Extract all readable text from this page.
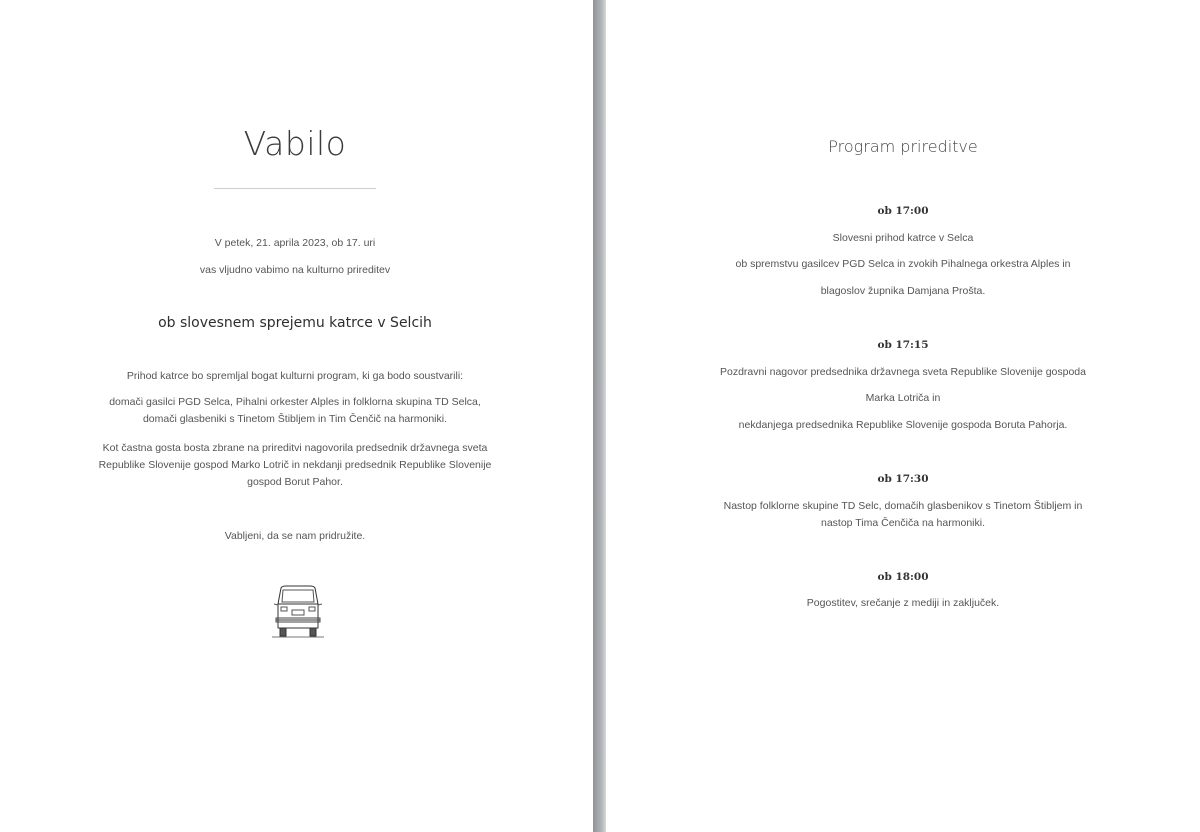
Vabilo
V petek, 21. aprila 2023, ob 17. uri
vas vljudno vabimo na kulturno prireditev
ob slovesnem sprejemu katrce v Selcih
Prihod katrce bo spremljal bogat kulturni program, ki ga bodo soustvarili:
domači gasilci PGD Selca, Pihalni orkester Alples in folklorna skupina TD Selca, domači glasbeniki s Tinetom Štibljem in Tim Čenčič na harmoniki.
Kot častna gosta bosta zbrane na prireditvi nagovorila predsednik državnega sveta Republike Slovenije gospod Marko Lotrič in nekdanji predsednik Republike Slovenije gospod Borut Pahor.
Vabljeni, da se nam pridružite.
Program prireditve
ob 17:00
Slovesni prihod katrce v Selca
ob spremstvu gasilcev PGD Selca in zvokih Pihalnega orkestra Alples in
blagoslov župnika Damjana Prošta.
ob 17:15
Pozdravni nagovor predsednika državnega sveta Republike Slovenije gospoda
Marka Lotriča in
nekdanjega predsednika Republike Slovenije gospoda Boruta Pahorja.
ob 17:30
Nastop folklorne skupine TD Selc, domačih glasbenikov s Tinetom Štibljem in
nastop Tima Čenčiča na harmoniki.
ob 18:00
Pogostitev, srečanje z mediji in zaključek.
